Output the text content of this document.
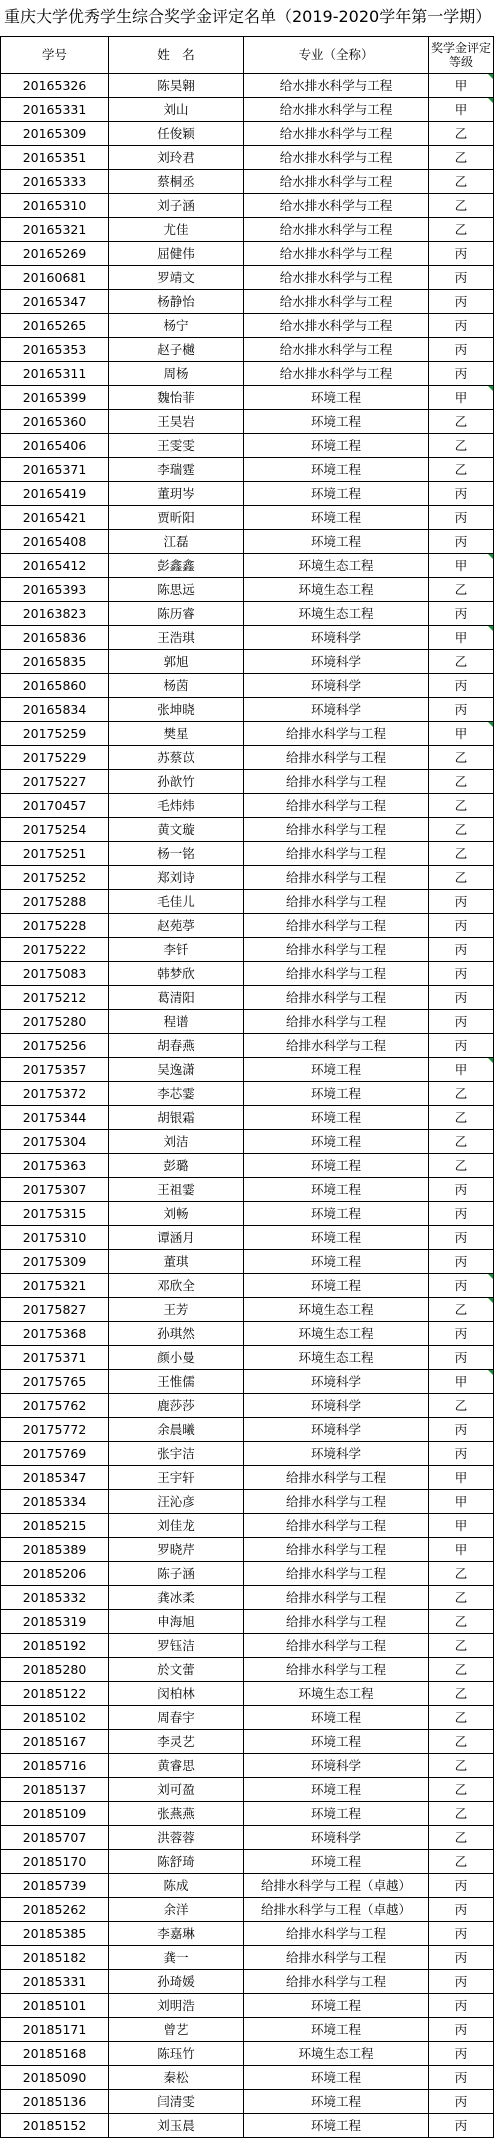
重庆大学优秀学生综合奖学金评定名单（2019-2020学年第一学期）
学号	姓　名	专业（全称）	奖学金评定等级
20165326	陈昊翱	给水排水科学与工程	甲
20165331	刘山	给水排水科学与工程	甲
20165309	任俊颖	给水排水科学与工程	乙
20165351	刘玲君	给水排水科学与工程	乙
20165333	蔡桐丞	给水排水科学与工程	乙
20165310	刘子涵	给水排水科学与工程	乙
20165321	尤佳	给水排水科学与工程	乙
20165269	屈健伟	给水排水科学与工程	丙
20160681	罗靖文	给水排水科学与工程	丙
20165347	杨静怡	给水排水科学与工程	丙
20165265	杨宁	给水排水科学与工程	丙
20165353	赵子樾	给水排水科学与工程	丙
20165311	周杨	给水排水科学与工程	丙
20165399	魏怡菲	环境工程	甲
20165360	王昊岩	环境工程	乙
20165406	王雯雯	环境工程	乙
20165371	李瑞霆	环境工程	乙
20165419	董玥岑	环境工程	丙
20165421	贾昕阳	环境工程	丙
20165408	江磊	环境工程	丙
20165412	彭鑫鑫	环境生态工程	甲
20165393	陈思远	环境生态工程	乙
20163823	陈历睿	环境生态工程	丙
20165836	王浩琪	环境科学	甲
20165835	郭旭	环境科学	乙
20165860	杨茵	环境科学	丙
20165834	张坤晓	环境科学	丙
20175259	樊星	给排水科学与工程	甲
20175229	苏蔡苡	给排水科学与工程	乙
20175227	孙歆竹	给排水科学与工程	乙
20170457	毛炜炜	给排水科学与工程	乙
20175254	黄文璇	给排水科学与工程	乙
20175251	杨一铭	给排水科学与工程	乙
20175252	郑刘诗	给排水科学与工程	乙
20175288	毛佳儿	给排水科学与工程	丙
20175228	赵苑葶	给排水科学与工程	丙
20175222	李钎	给排水科学与工程	丙
20175083	韩梦欣	给排水科学与工程	丙
20175212	葛清阳	给排水科学与工程	丙
20175280	程谱	给排水科学与工程	丙
20175256	胡春燕	给排水科学与工程	丙
20175357	吴逸潇	环境工程	甲
20175372	李芯霎	环境工程	乙
20175344	胡银霜	环境工程	乙
20175304	刘洁	环境工程	乙
20175363	彭璐	环境工程	乙
20175307	王祖霎	环境工程	丙
20175315	刘畅	环境工程	丙
20175310	谭涵月	环境工程	丙
20175309	董琪	环境工程	丙
20175321	邓欣全	环境工程	丙
20175827	王芳	环境生态工程	乙
20175368	孙琪然	环境生态工程	丙
20175371	颜小曼	环境生态工程	丙
20175765	王惟儒	环境科学	甲
20175762	鹿莎莎	环境科学	乙
20175772	余晨曦	环境科学	丙
20175769	张宇洁	环境科学	丙
20185347	王宇轩	给排水科学与工程	甲
20185334	汪沁彦	给排水科学与工程	甲
20185215	刘佳龙	给排水科学与工程	甲
20185389	罗晓芹	给排水科学与工程	甲
20185206	陈子涵	给排水科学与工程	乙
20185332	龚冰柔	给排水科学与工程	乙
20185319	申海旭	给排水科学与工程	乙
20185192	罗钰洁	给排水科学与工程	乙
20185280	於文蕾	给排水科学与工程	乙
20185122	闵柏林	环境生态工程	乙
20185102	周春宇	环境工程	乙
20185167	李灵艺	环境工程	乙
20185716	黄睿思	环境科学	乙
20185137	刘可盈	环境工程	乙
20185109	张燕燕	环境工程	乙
20185707	洪蓉蓉	环境科学	乙
20185170	陈舒琦	环境工程	乙
20185739	陈成	给排水科学与工程（卓越）	丙
20185262	余洋	给排水科学与工程（卓越）	丙
20185385	李嘉琳	给排水科学与工程	丙
20185182	龚一	给排水科学与工程	丙
20185331	孙琦媛	给排水科学与工程	丙
20185101	刘明浩	环境工程	丙
20185171	曾艺	环境工程	丙
20185168	陈珏竹	环境生态工程	丙
20185090	秦松	环境工程	丙
20185136	闫清雯	环境工程	丙
20185152	刘玉晨	环境工程	丙
